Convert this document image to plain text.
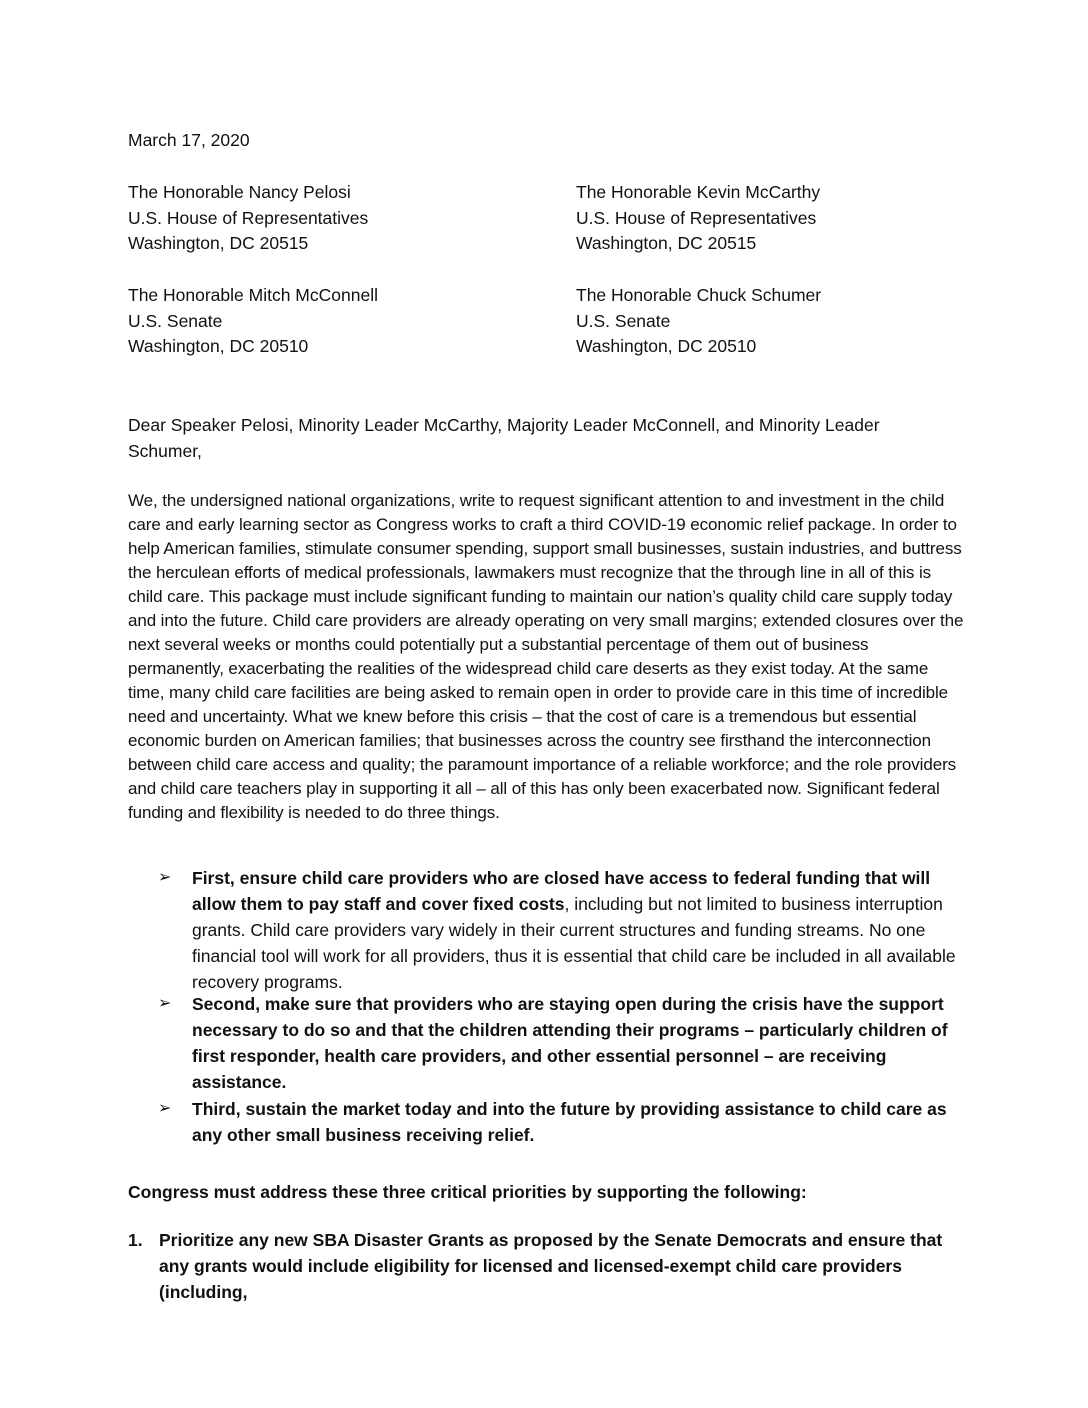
March 17, 2020
The Honorable Nancy Pelosi
U.S. House of Representatives
Washington, DC 20515
The Honorable Kevin McCarthy
U.S. House of Representatives
Washington, DC 20515
The Honorable Mitch McConnell
U.S. Senate
Washington, DC 20510
The Honorable Chuck Schumer
U.S. Senate
Washington, DC 20510
Dear Speaker Pelosi, Minority Leader McCarthy, Majority Leader McConnell, and Minority Leader Schumer,
We, the undersigned national organizations, write to request significant attention to and investment in the child care and early learning sector as Congress works to craft a third COVID-19 economic relief package. In order to help American families, stimulate consumer spending, support small businesses, sustain industries, and buttress the herculean efforts of medical professionals, lawmakers must recognize that the through line in all of this is child care. This package must include significant funding to maintain our nation’s quality child care supply today and into the future. Child care providers are already operating on very small margins; extended closures over the next several weeks or months could potentially put a substantial percentage of them out of business permanently, exacerbating the realities of the widespread child care deserts as they exist today. At the same time, many child care facilities are being asked to remain open in order to provide care in this time of incredible need and uncertainty. What we knew before this crisis – that the cost of care is a tremendous but essential economic burden on American families; that businesses across the country see firsthand the interconnection between child care access and quality; the paramount importance of a reliable workforce; and the role providers and child care teachers play in supporting it all – all of this has only been exacerbated now. Significant federal funding and flexibility is needed to do three things.
➢	First, ensure child care providers who are closed have access to federal funding that will allow them to pay staff and cover fixed costs, including but not limited to business interruption grants. Child care providers vary widely in their current structures and funding streams. No one financial tool will work for all providers, thus it is essential that child care be included in all available recovery programs.
➢	Second, make sure that providers who are staying open during the crisis have the support necessary to do so and that the children attending their programs – particularly children of first responder, health care providers, and other essential personnel – are receiving assistance.
➢	Third, sustain the market today and into the future by providing assistance to child care as any other small business receiving relief.
Congress must address these three critical priorities by supporting the following:
1. Prioritize any new SBA Disaster Grants as proposed by the Senate Democrats and ensure that any grants would include eligibility for licensed and licensed-exempt child care providers (including,
